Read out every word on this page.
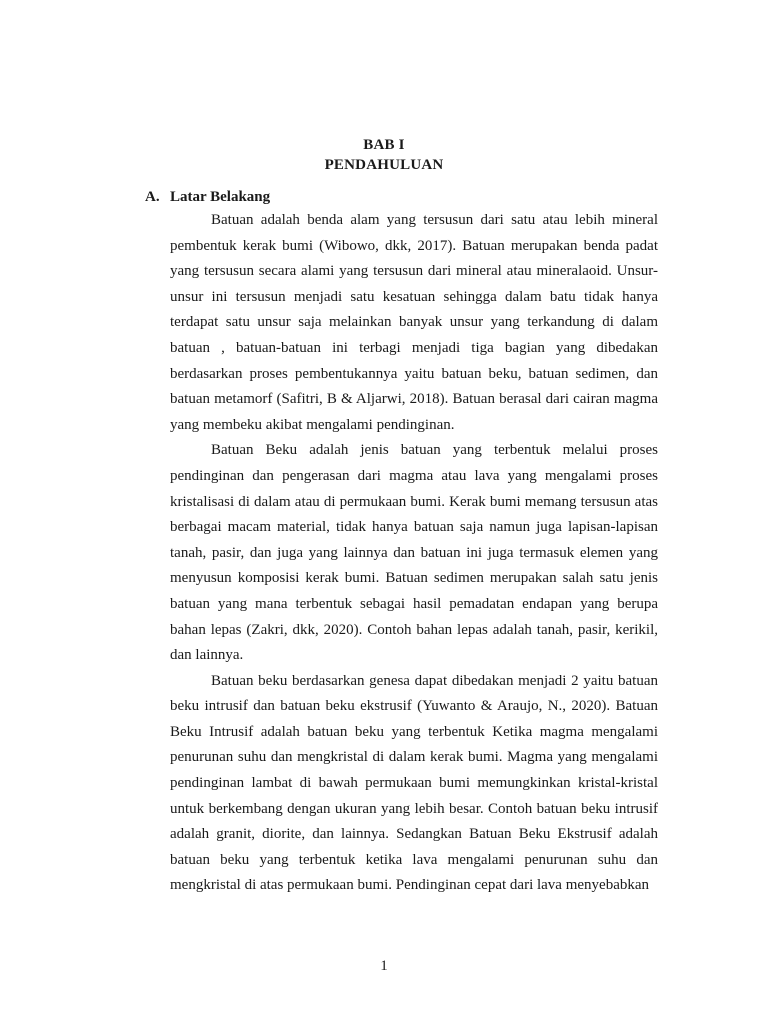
BAB I
PENDAHULUAN
A. Latar Belakang

Batuan adalah benda alam yang tersusun dari satu atau lebih mineral pembentuk kerak bumi (Wibowo, dkk, 2017). Batuan merupakan benda padat yang tersusun secara alami yang tersusun dari mineral atau mineralaoid. Unsur-unsur ini tersusun menjadi satu kesatuan sehingga dalam batu tidak hanya terdapat satu unsur saja melainkan banyak unsur yang terkandung di dalam batuan , batuan-batuan ini terbagi menjadi tiga bagian yang dibedakan berdasarkan proses pembentukannya yaitu batuan beku, batuan sedimen, dan batuan metamorf (Safitri, B & Aljarwi, 2018). Batuan berasal dari cairan magma yang membeku akibat mengalami pendinginan.

Batuan Beku adalah jenis batuan yang terbentuk melalui proses pendinginan dan pengerasan dari magma atau lava yang mengalami proses kristalisasi di dalam atau di permukaan bumi. Kerak bumi memang tersusun atas berbagai macam material, tidak hanya batuan saja namun juga lapisan-lapisan tanah, pasir, dan juga yang lainnya dan batuan ini juga termasuk elemen yang menyusun komposisi kerak bumi. Batuan sedimen merupakan salah satu jenis batuan yang mana terbentuk sebagai hasil pemadatan endapan yang berupa bahan lepas (Zakri, dkk, 2020). Contoh bahan lepas adalah tanah, pasir, kerikil, dan lainnya.

Batuan beku berdasarkan genesa dapat dibedakan menjadi 2 yaitu batuan beku intrusif dan batuan beku ekstrusif (Yuwanto & Araujo, N., 2020). Batuan Beku Intrusif adalah batuan beku yang terbentuk Ketika magma mengalami penurunan suhu dan mengkristal di dalam kerak bumi. Magma yang mengalami pendinginan lambat di bawah permukaan bumi memungkinkan kristal-kristal untuk berkembang dengan ukuran yang lebih besar. Contoh batuan beku intrusif adalah granit, diorite, dan lainnya. Sedangkan Batuan Beku Ekstrusif adalah batuan beku yang terbentuk ketika lava mengalami penurunan suhu dan mengkristal di atas permukaan bumi. Pendinginan cepat dari lava menyebabkan

1
